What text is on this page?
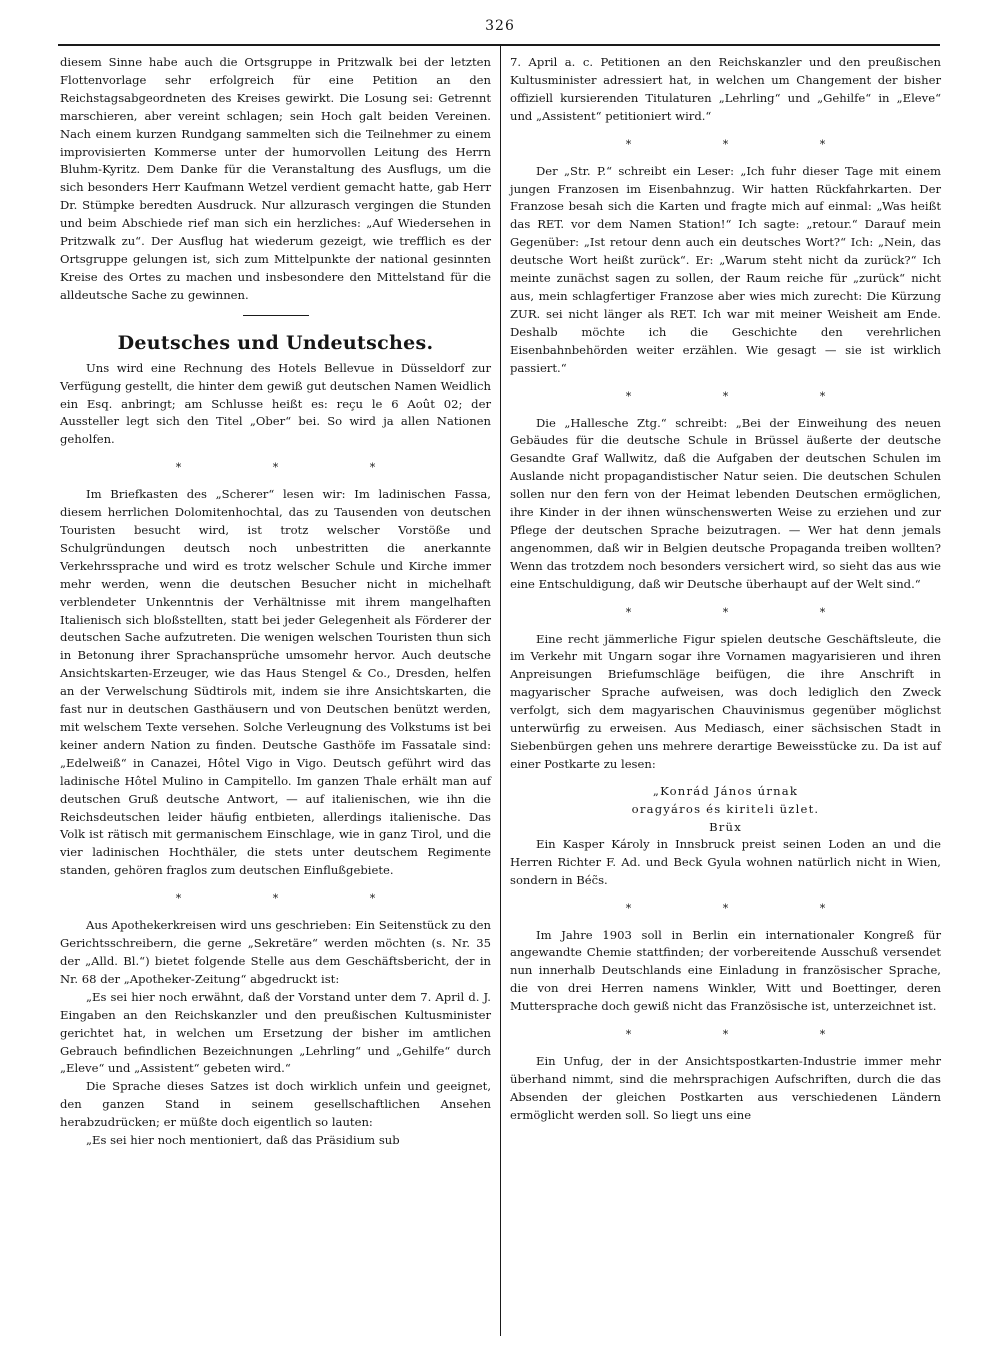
326

diesem Sinne habe auch die Ortsgruppe in Pritzwalk bei der letzten Flottenvorlage sehr erfolgreich für eine Petition an den Reichstagsabgeordneten des Kreises gewirkt. Die Losung sei: Getrennt marschieren, aber vereint schlagen; sein Hoch galt beiden Vereinen. Nach einem kurzen Rundgang sammelten sich die Teilnehmer zu einem improvisierten Kommerse unter der humorvollen Leitung des Herrn Bluhm-Kyritz. Dem Danke für die Veranstaltung des Ausflugs, um die sich besonders Herr Kaufmann Wetzel verdient gemacht hatte, gab Herr Dr. Stümpke beredten Ausdruck. Nur allzurasch vergingen die Stunden und beim Abschiede rief man sich ein herzliches: „Auf Wiedersehen in Pritzwalk zu“. Der Ausflug hat wiederum gezeigt, wie trefflich es der Ortsgruppe gelungen ist, sich zum Mittelpunkte der national gesinnten Kreise des Ortes zu machen und insbesondere den Mittelstand für die alldeutsche Sache zu gewinnen.

Deutsches und Undeutsches.

Uns wird eine Rechnung des Hotels Bellevue in Düsseldorf zur Verfügung gestellt, die hinter dem gewiß gut deutschen Namen Weidlich ein Esq. anbringt; am Schlusse heißt es: reçu le 6 Août 02; der Aussteller legt sich den Titel „Ober“ bei. So wird ja allen Nationen geholfen.

* * *

Im Briefkasten des „Scherer“ lesen wir: Im ladinischen Fassa, diesem herrlichen Dolomitenhochtal, das zu Tausenden von deutschen Touristen besucht wird, ist trotz welscher Vorstöße und Schulgründungen deutsch noch unbestritten die anerkannte Verkehrssprache und wird es trotz welscher Schule und Kirche immer mehr werden, wenn die deutschen Besucher nicht in michelhaft verblendeter Unkenntnis der Verhältnisse mit ihrem mangelhaften Italienisch sich bloßstellten, statt bei jeder Gelegenheit als Förderer der deutschen Sache aufzutreten. Die wenigen welschen Touristen thun sich in Betonung ihrer Sprachansprüche umsomehr hervor. Auch deutsche Ansichtskarten-Erzeuger, wie das Haus Stengel & Co., Dresden, helfen an der Verwelschung Südtirols mit, indem sie ihre Ansichtskarten, die fast nur in deutschen Gasthäusern und von Deutschen benützt werden, mit welschem Texte versehen. Solche Verleugnung des Volkstums ist bei keiner andern Nation zu finden. Deutsche Gasthöfe im Fassatale sind: „Edelweiß“ in Canazei, Hôtel Vigo in Vigo. Deutsch geführt wird das ladinische Hôtel Mulino in Campitello. Im ganzen Thale erhält man auf deutschen Gruß deutsche Antwort, — auf italienischen, wie ihn die Reichsdeutschen leider häufig entbieten, allerdings italienische. Das Volk ist rätisch mit germanischem Einschlage, wie in ganz Tirol, und die vier ladinischen Hochthäler, die stets unter deutschem Regimente standen, gehören fraglos zum deutschen Einflußgebiete.

* * *

Aus Apothekerkreisen wird uns geschrieben: Ein Seitenstück zu den Gerichtsschreibern, die gerne „Sekretäre“ werden möchten (s. Nr. 35 der „Alld. Bl.“) bietet folgende Stelle aus dem Geschäftsbericht, der in Nr. 68 der „Apotheker-Zeitung“ abgedruckt ist:

„Es sei hier noch erwähnt, daß der Vorstand unter dem 7. April d. J. Eingaben an den Reichskanzler und den preußischen Kultusminister gerichtet hat, in welchen um Ersetzung der bisher im amtlichen Gebrauch befindlichen Bezeichnungen „Lehrling“ und „Gehilfe“ durch „Eleve“ und „Assistent“ gebeten wird.“

Die Sprache dieses Satzes ist doch wirklich unfein und geeignet, den ganzen Stand in seinem gesellschaftlichen Ansehen herabzudrücken; er müßte doch eigentlich so lauten:

„Es sei hier noch mentioniert, daß das Präsidium sub

7. April a. c. Petitionen an den Reichskanzler und den preußischen Kultusminister adressiert hat, in welchen um Changement der bisher offiziell kursierenden Titulaturen „Lehrling“ und „Gehilfe“ in „Eleve“ und „Assistent“ petitioniert wird.“

* * *

Der „Str. P.“ schreibt ein Leser: „Ich fuhr dieser Tage mit einem jungen Franzosen im Eisenbahnzug. Wir hatten Rückfahrkarten. Der Franzose besah sich die Karten und fragte mich auf einmal: „Was heißt das RET. vor dem Namen Station!“ Ich sagte: „retour.“ Darauf mein Gegenüber: „Ist retour denn auch ein deutsches Wort?“ Ich: „Nein, das deutsche Wort heißt zurück“. Er: „Warum steht nicht da zurück?“ Ich meinte zunächst sagen zu sollen, der Raum reiche für „zurück“ nicht aus, mein schlagfertiger Franzose aber wies mich zurecht: Die Kürzung ZUR. sei nicht länger als RET. Ich war mit meiner Weisheit am Ende. Deshalb möchte ich die Geschichte den verehrlichen Eisenbahnbehörden weiter erzählen. Wie gesagt — sie ist wirklich passiert.“

* * *

Die „Hallesche Ztg.“ schreibt: „Bei der Einweihung des neuen Gebäudes für die deutsche Schule in Brüssel äußerte der deutsche Gesandte Graf Wallwitz, daß die Aufgaben der deutschen Schulen im Auslande nicht propagandistischer Natur seien. Die deutschen Schulen sollen nur den fern von der Heimat lebenden Deutschen ermöglichen, ihre Kinder in der ihnen wünschenswerten Weise zu erziehen und zur Pflege der deutschen Sprache beizutragen. — Wer hat denn jemals angenommen, daß wir in Belgien deutsche Propaganda treiben wollten? Wenn das trotzdem noch besonders versichert wird, so sieht das aus wie eine Entschuldigung, daß wir Deutsche überhaupt auf der Welt sind.“

* * *

Eine recht jämmerliche Figur spielen deutsche Geschäftsleute, die im Verkehr mit Ungarn sogar ihre Vornamen magyarisieren und ihren Anpreisungen Briefumschläge beifügen, die ihre Anschrift in magyarischer Sprache aufweisen, was doch lediglich den Zweck verfolgt, sich dem magyarischen Chauvinismus gegenüber möglichst unterwürfig zu erweisen. Aus Mediasch, einer sächsischen Stadt in Siebenbürgen gehen uns mehrere derartige Beweisstücke zu. Da ist auf einer Postkarte zu lesen:

„Konrád János úrnak
oragyáros és kiriteli üzlet.
Brüx

Ein Kasper Károly in Innsbruck preist seinen Loden an und die Herren Richter F. Ad. und Beck Gyula wohnen natürlich nicht in Wien, sondern in Béc̃s.

* * *

Im Jahre 1903 soll in Berlin ein internationaler Kongreß für angewandte Chemie stattfinden; der vorbereitende Ausschuß versendet nun innerhalb Deutschlands eine Einladung in französischer Sprache, die von drei Herren namens Winkler, Witt und Boettinger, deren Muttersprache doch gewiß nicht das Französische ist, unterzeichnet ist.

* * *

Ein Unfug, der in der Ansichtspostkarten-Industrie immer mehr überhand nimmt, sind die mehrsprachigen Aufschriften, durch die das Absenden der gleichen Postkarten aus verschiedenen Ländern ermöglicht werden soll. So liegt uns eine
